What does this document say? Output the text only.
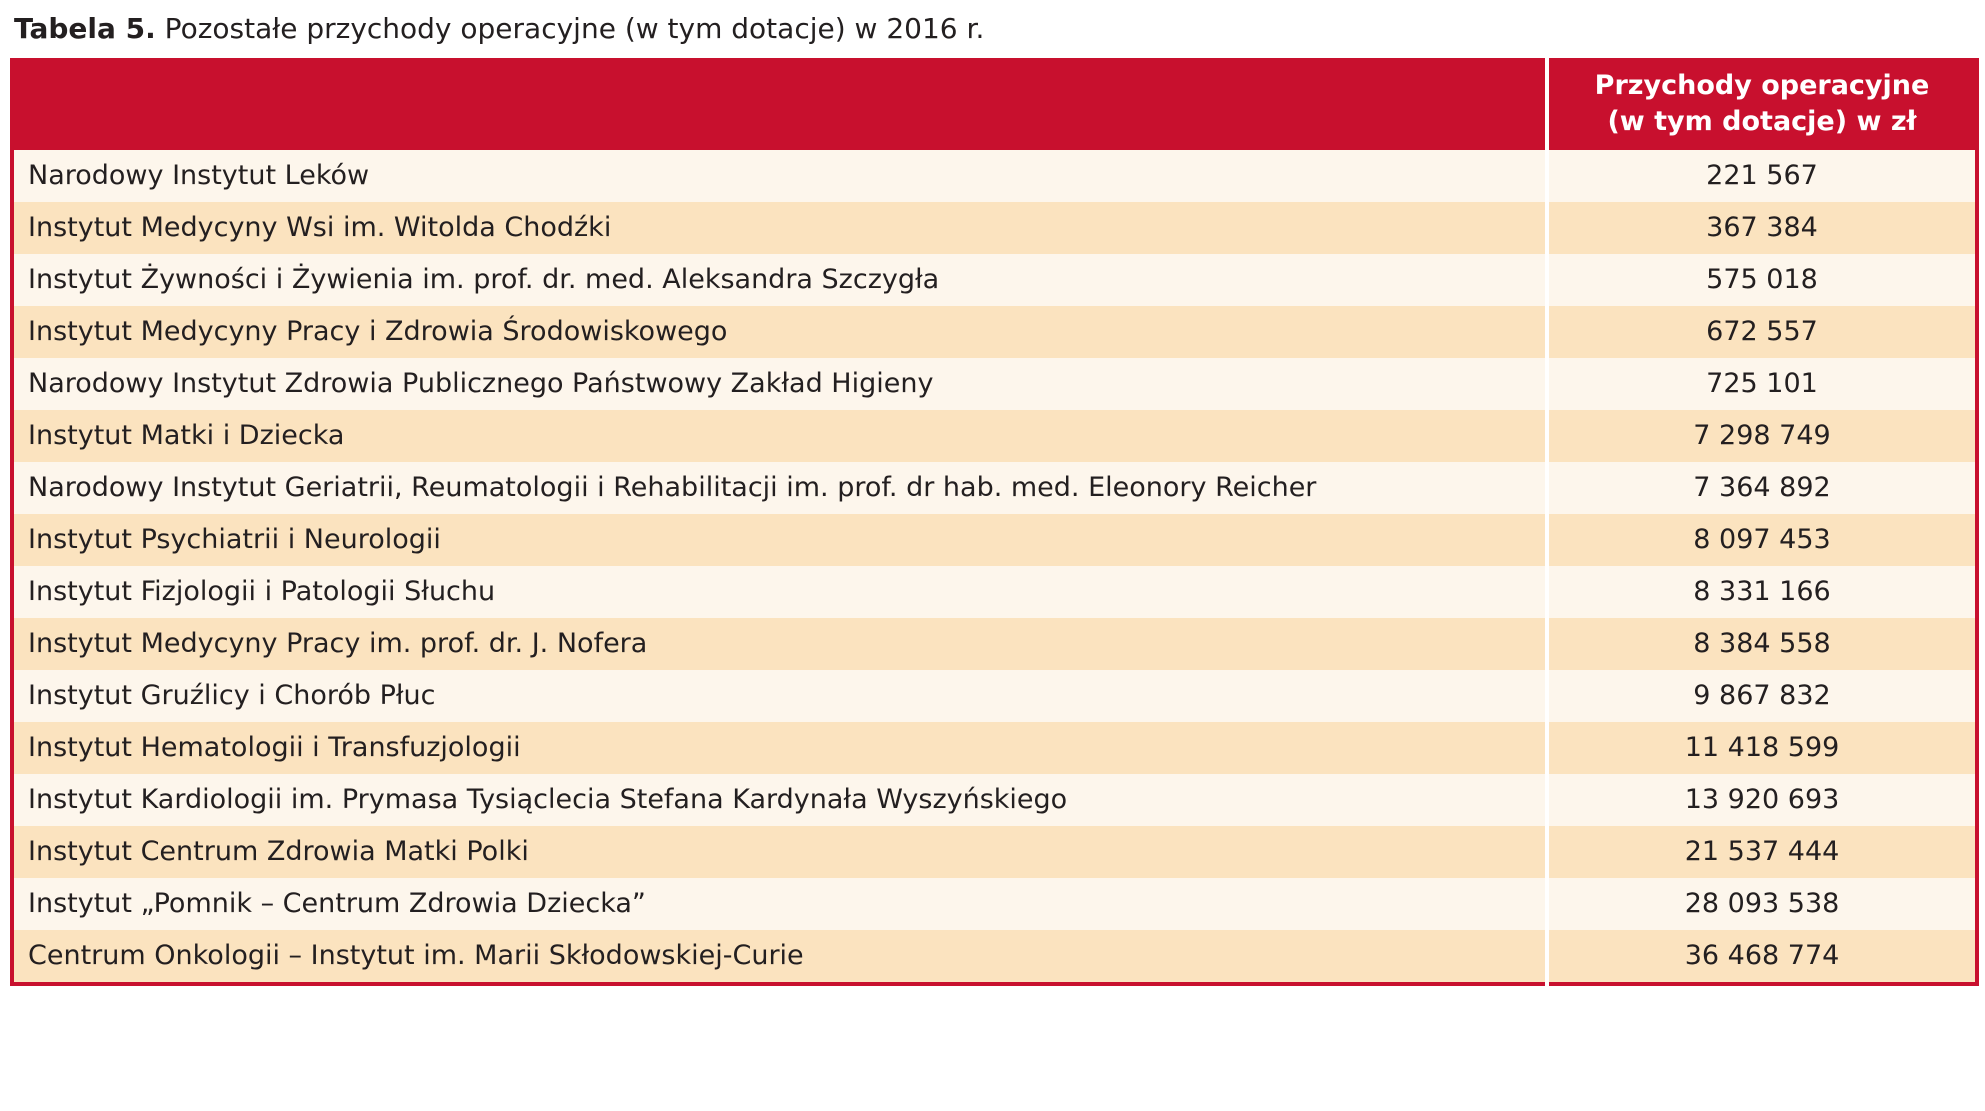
Tabela 5. Pozostałe przychody operacyjne (w tym dotacje) w 2016 r.

	Przychody operacyjne
(w tym dotacje) w zł

Narodowy Instytut Leków	221 567
Instytut Medycyny Wsi im. Witolda Chodźki	367 384
Instytut Żywności i Żywienia im. prof. dr. med. Aleksandra Szczygła	575 018
Instytut Medycyny Pracy i Zdrowia Środowiskowego	672 557
Narodowy Instytut Zdrowia Publicznego Państwowy Zakład Higieny	725 101
Instytut Matki i Dziecka	7 298 749
Narodowy Instytut Geriatrii, Reumatologii i Rehabilitacji im. prof. dr hab. med. Eleonory Reicher	7 364 892
Instytut Psychiatrii i Neurologii	8 097 453
Instytut Fizjologii i Patologii Słuchu	8 331 166
Instytut Medycyny Pracy im. prof. dr. J. Nofera	8 384 558
Instytut Gruźlicy i Chorób Płuc	9 867 832
Instytut Hematologii i Transfuzjologii	11 418 599
Instytut Kardiologii im. Prymasa Tysiąclecia Stefana Kardynała Wyszyńskiego	13 920 693
Instytut Centrum Zdrowia Matki Polki	21 537 444
Instytut „Pomnik – Centrum Zdrowia Dziecka”	28 093 538
Centrum Onkologii – Instytut im. Marii Skłodowskiej-Curie	36 468 774
